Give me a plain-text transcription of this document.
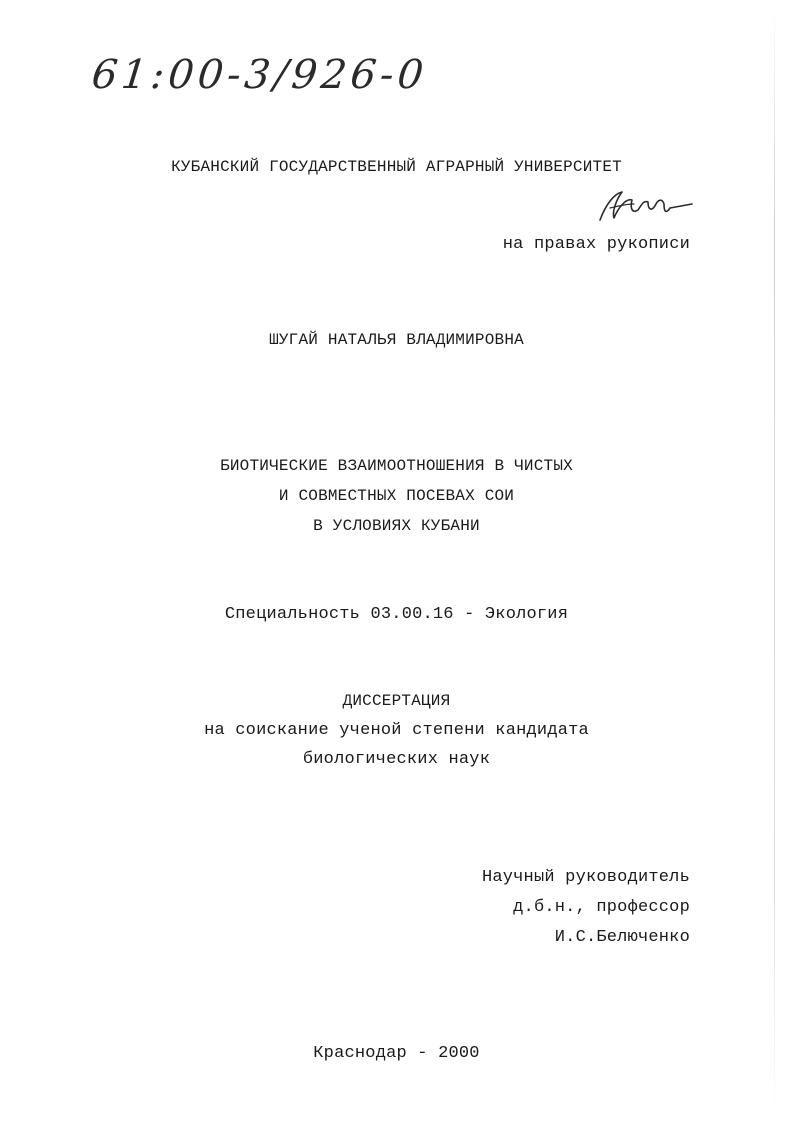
61:00-3/926-0
КУБАНСКИЙ ГОСУДАРСТВЕННЫЙ АГРАРНЫЙ УНИВЕРСИТЕТ
на правах рукописи
ШУГАЙ НАТАЛЬЯ ВЛАДИМИРОВНА
БИОТИЧЕСКИЕ ВЗАИМООТНОШЕНИЯ В ЧИСТЫХ
И СОВМЕСТНЫХ ПОСЕВАХ СОИ
В УСЛОВИЯХ КУБАНИ
Специальность 03.00.16 - Экология
ДИССЕРТАЦИЯ
на соискание ученой степени кандидата
биологических наук
Научный руководитель
д.б.н., профессор
И.С.Белюченко
Краснодар - 2000
